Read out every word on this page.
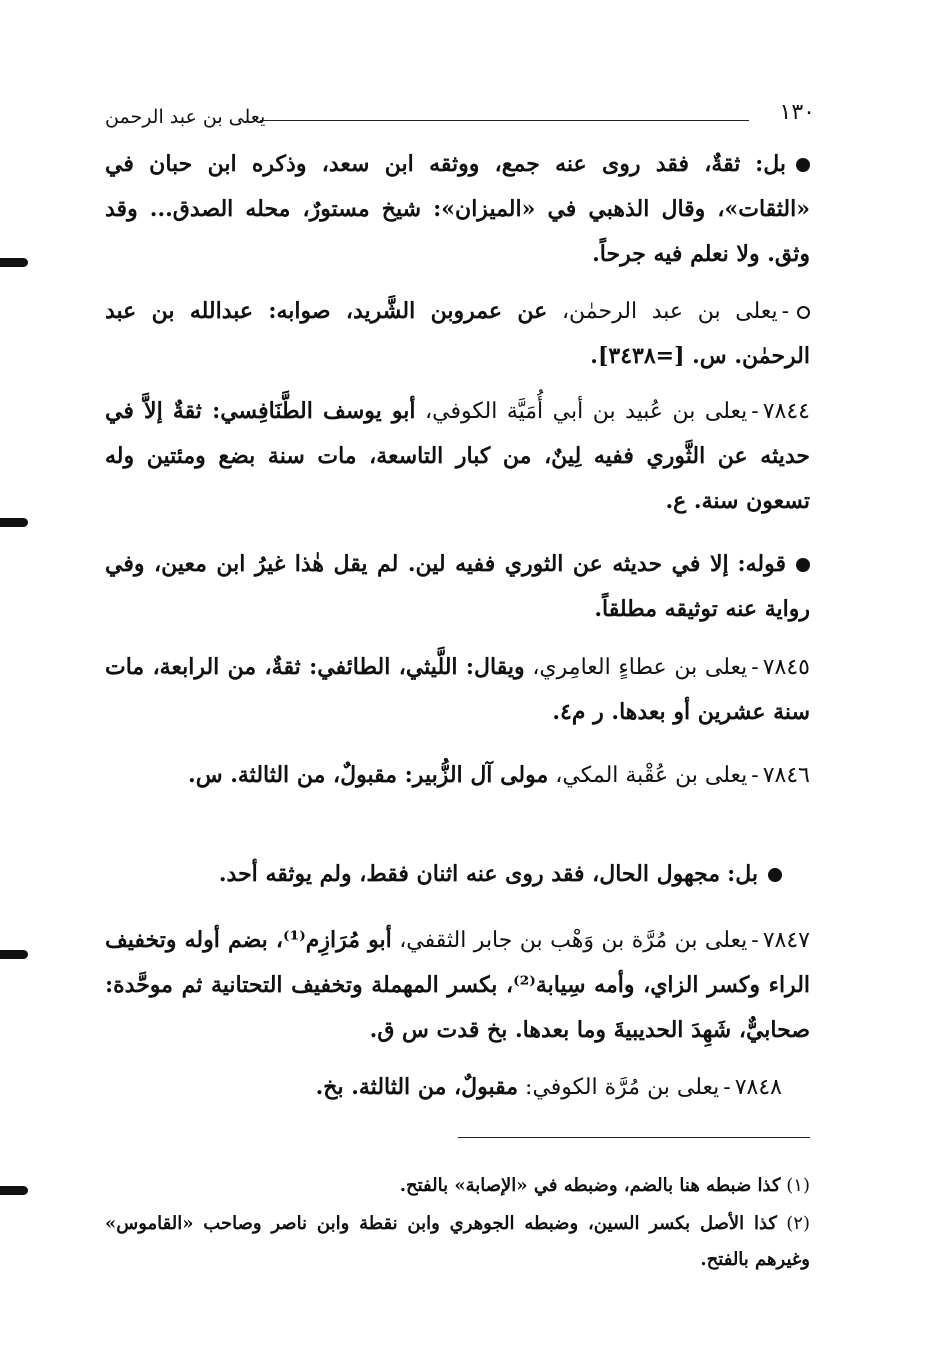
١٣٠
يعلى بن عبد الرحمن
بل: ثقةٌ، فقد روى عنه جمع، ووثقه ابن سعد، وذكره ابن حبان في «الثقات»، وقال الذهبي في «الميزان»: شيخ مستورٌ، محله الصدق... وقد وثق. ولا نعلم فيه جرحاً.
-يعلى بن عبد الرحمٰن، عن عمروبن الشَّريد، صوابه: عبدالله بن عبد الرحمٰن. س. [=٣٤٣٨].
٧٨٤٤-يعلى بن عُبيد بن أبي أُمَيَّة الكوفي، أبو يوسف الطَّنَافِسي: ثقةٌ إلاَّ في حديثه عن الثَّوري ففيه لِينٌ، من كبار التاسعة، مات سنة بضع ومئتين وله تسعون سنة. ع.
قوله: إلا في حديثه عن الثوري ففيه لين. لم يقل هٰذا غيرُ ابن معين، وفي رواية عنه توثيقه مطلقاً.
٧٨٤٥-يعلى بن عطاءٍ العامِري، ويقال: اللَّيثي، الطائفي: ثقةٌ، من الرابعة، مات سنة عشرين أو بعدها. ر م٤.
٧٨٤٦-يعلى بن عُقْبة المكي، مولى آل الزُّبير: مقبولٌ، من الثالثة. س.
بل: مجهول الحال، فقد روى عنه اثنان فقط، ولم يوثقه أحد.
٧٨٤٧-يعلى بن مُرَّة بن وَهْب بن جابر الثقفي، أبو مُرَازِم⁽¹⁾، بضم أوله وتخفيف الراء وكسر الزاي، وأمه سِيابة⁽²⁾، بكسر المهملة وتخفيف التحتانية ثم موحَّدة: صحابيٌّ، شَهِدَ الحديبيةَ وما بعدها. بخ قدت س ق.
٧٨٤٨-يعلى بن مُرَّة الكوفي: مقبولٌ، من الثالثة. بخ.
(١) كذا ضبطه هنا بالضم، وضبطه في «الإصابة» بالفتح.
(٢) كذا الأصل بكسر السين، وضبطه الجوهري وابن نقطة وابن ناصر وصاحب «القاموس» وغيرهم بالفتح.
